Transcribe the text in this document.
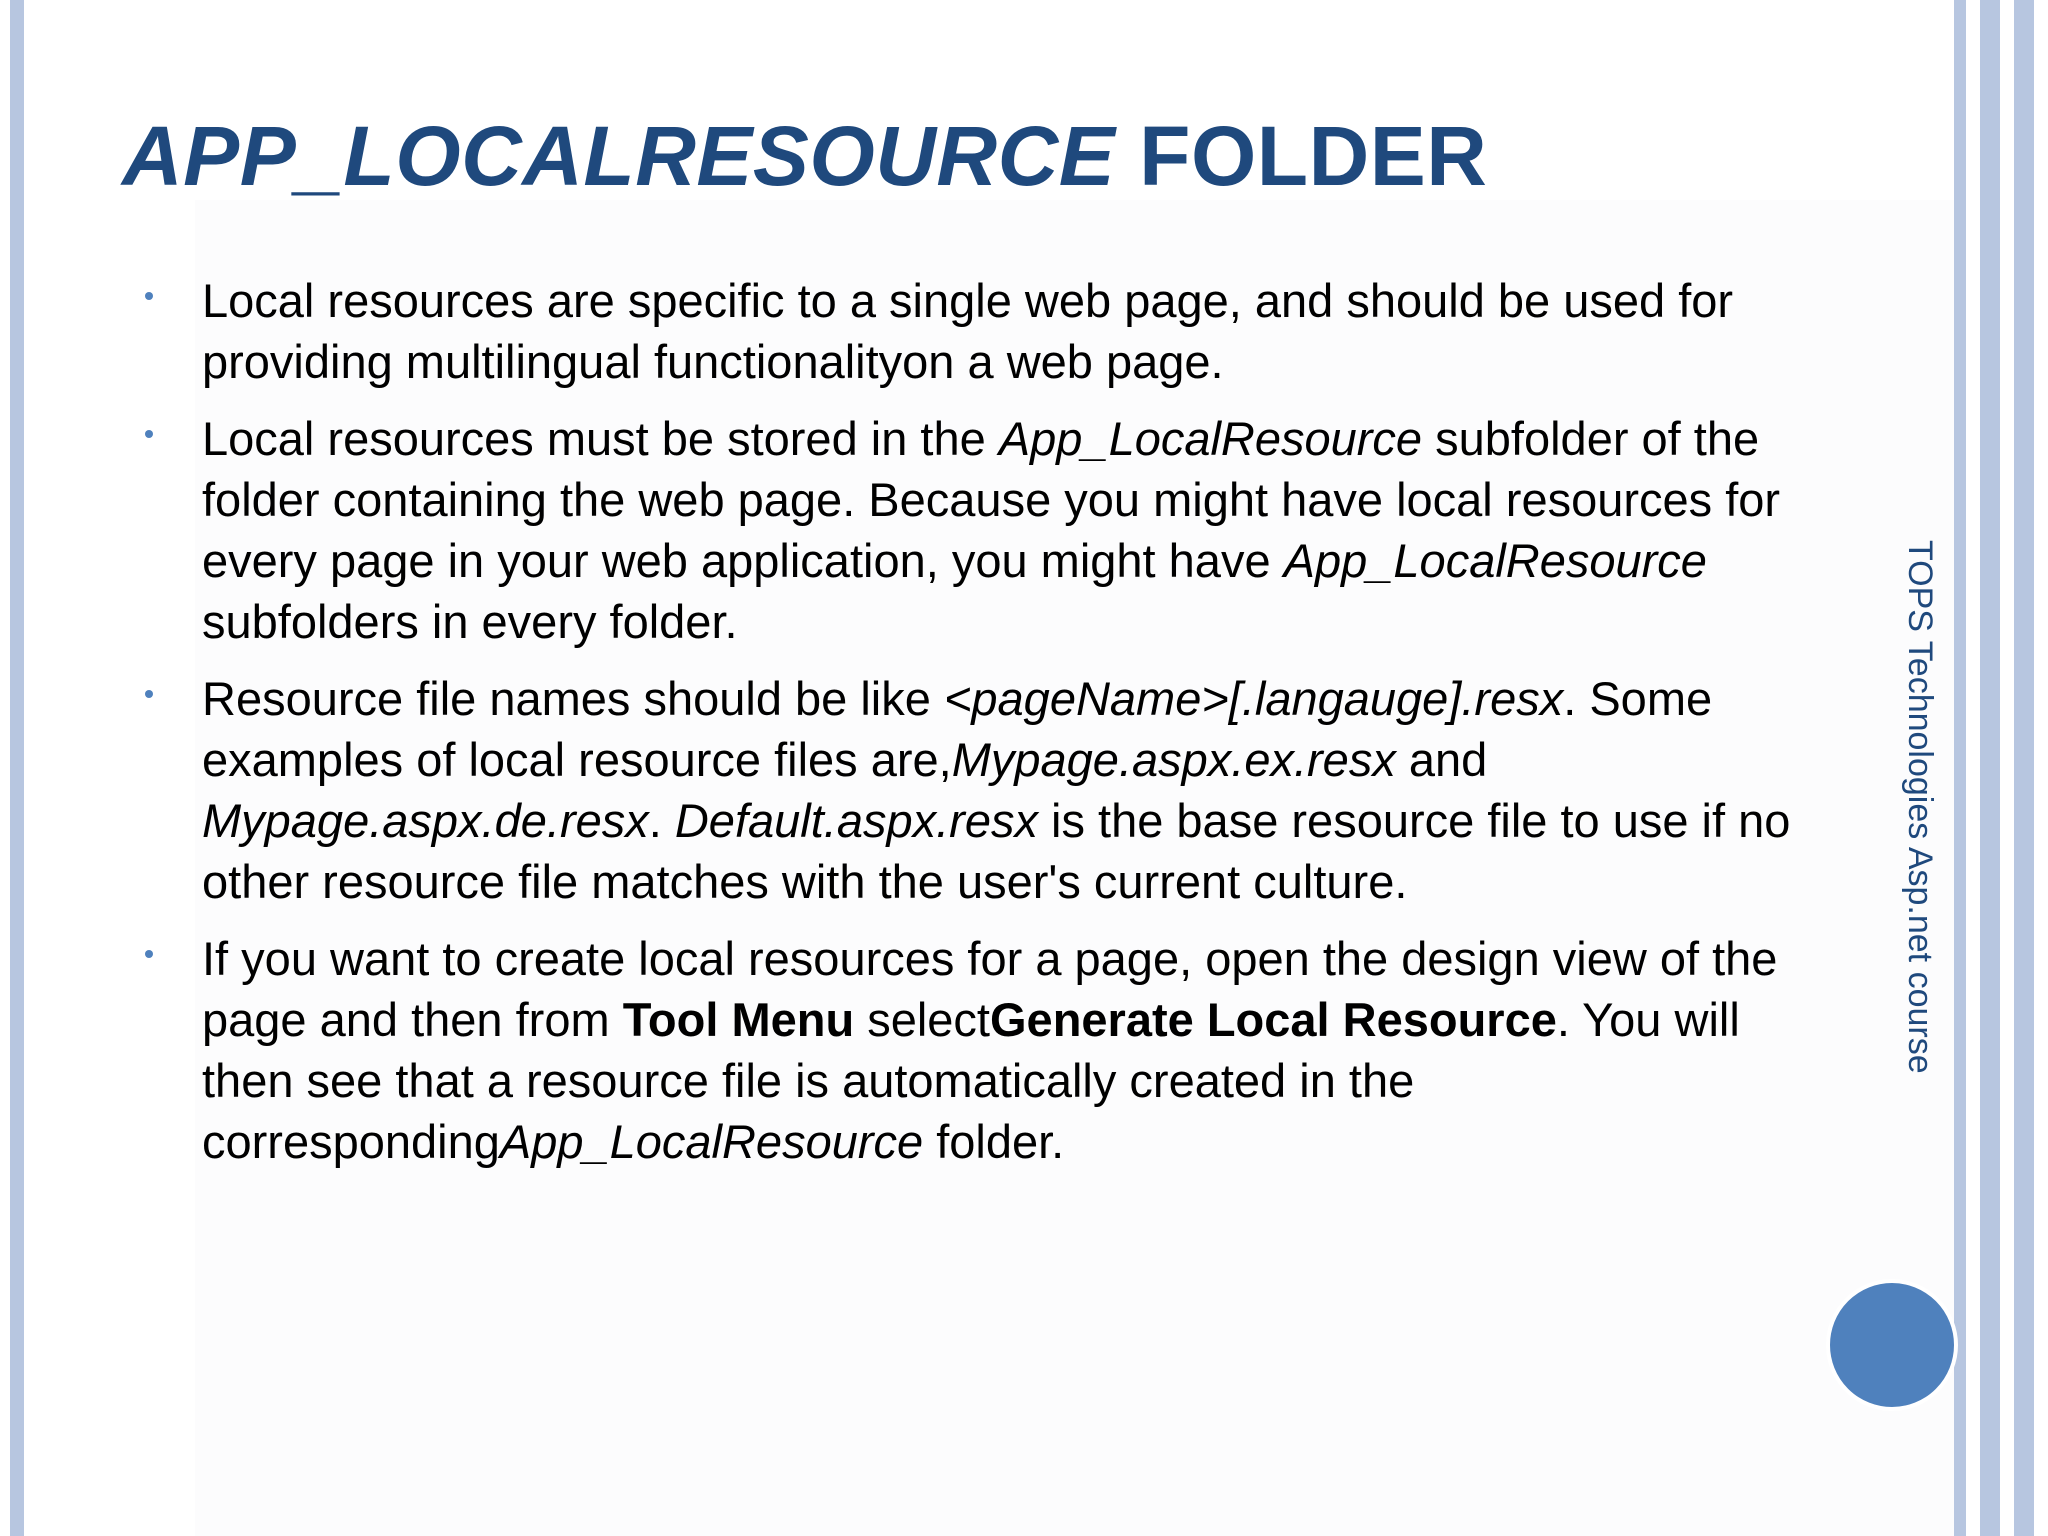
APP_LOCALRESOURCE FOLDER
Local resources are specific to a single web page, and should be used for providing multilingual functionalityon a web page.
Local resources must be stored in the App_LocalResource subfolder of the folder containing the web page. Because you might have local resources for every page in your web application, you might have App_LocalResource subfolders in every folder.
Resource file names should be like <pageName>[.langauge].resx. Some examples of local resource files are,Mypage.aspx.ex.resx and Mypage.aspx.de.resx. Default.aspx.resx is the base resource file to use if no other resource file matches with the user's current culture.
If you want to create local resources for a page, open the design view of the page and then from Tool Menu selectGenerate Local Resource. You will then see that a resource file is automatically created in the correspondingApp_LocalResource folder.
TOPS Technologies Asp.net course
